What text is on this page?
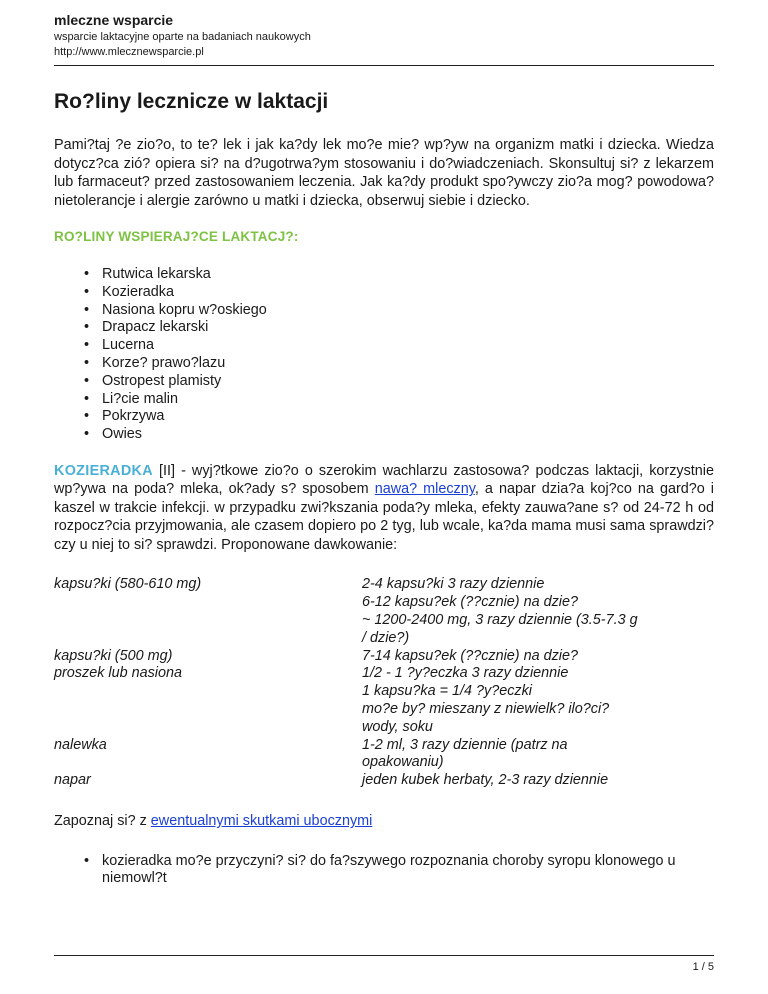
mleczne wsparcie
wsparcie laktacyjne oparte na badaniach naukowych
http://www.mlecznewsparcie.pl
Ro?liny lecznicze w laktacji

Pami?taj ?e zio?o, to te? lek i jak ka?dy lek mo?e mie? wp?yw na organizm matki i dziecka. Wiedza dotycz?ca zió? opiera si? na d?ugotrwa?ym stosowaniu i do?wiadczeniach. Skonsultuj si? z lekarzem lub farmaceut? przed zastosowaniem leczenia. Jak ka?dy produkt spo?ywczy zio?a mog? powodowa? nietolerancje i alergie zarówno u matki i dziecka, obserwuj siebie i dziecko.

RO?LINY WSPIERAJ?CE LAKTACJ?:
• Rutwica lekarska
• Kozieradka
• Nasiona kopru w?oskiego
• Drapacz lekarski
• Lucerna
• Korze? prawo?lazu
• Ostropest plamisty
• Li?cie malin
• Pokrzywa
• Owies

KOZIERADKA [II] - wyj?tkowe zio?o o szerokim wachlarzu zastosowa? podczas laktacji, korzystnie wp?ywa na poda? mleka, ok?ady s? sposobem nawa? mleczny, a napar dzia?a koj?co na gard?o i kaszel w trakcie infekcji. w przypadku zwi?kszania poda?y mleka, efekty zauwa?ane s? od 24-72 h od rozpocz?cia przyjmowania, ale czasem dopiero po 2 tyg, lub wcale, ka?da mama musi sama sprawdzi? czy u niej to si? sprawdzi. Proponowane dawkowanie:

kapsu?ki (580-610 mg)	2-4 kapsu?ki 3 razy dziennie
6-12 kapsu?ek (??cznie) na dzie?
~ 1200-2400 mg, 3 razy dziennie (3.5-7.3 g
/ dzie?)

kapsu?ki (500 mg)	7-14 kapsu?ek (??cznie) na dzie?

proszek lub nasiona	1/2 - 1 ?y?eczka 3 razy dziennie
1 kapsu?ka = 1/4 ?y?eczki
mo?e by? mieszany z niewielk? ilo?ci?
wody, soku

nalewka	1-2 ml, 3 razy dziennie (patrz na
opakowaniu)

napar	jeden kubek herbaty, 2-3 razy dziennie

Zapoznaj si? z ewentualnymi skutkami ubocznymi

• kozieradka mo?e przyczyni? si? do fa?szywego rozpoznania choroby syropu klonowego u niemowl?t
1 / 5
